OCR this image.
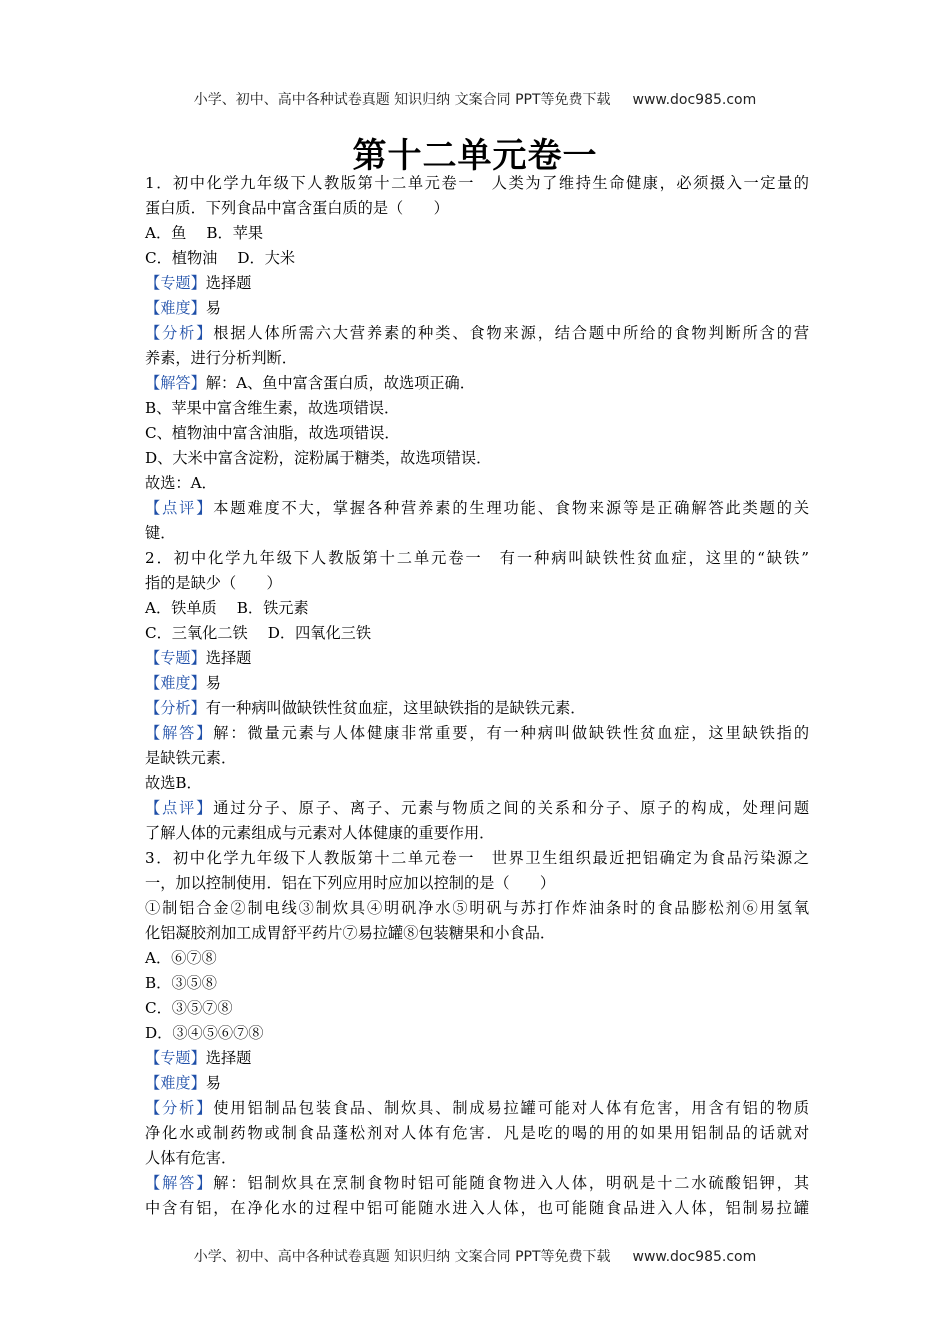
小学、初中、高中各种试卷真题 知识归纳 文案合同 PPT等免费下载 www.doc985.com
第十二单元卷一
1．初中化学九年级下人教版第十二单元卷一　人类为了维持生命健康，必须摄入一定量的
蛋白质．下列食品中富含蛋白质的是（　　）
A．鱼　 B．苹果
C．植物油　 D．大米
【专题】选择题
【难度】易
【分析】根据人体所需六大营养素的种类、食物来源，结合题中所给的食物判断所含的营
养素，进行分析判断．
【解答】解：A、鱼中富含蛋白质，故选项正确．
B、苹果中富含维生素，故选项错误．
C、植物油中富含油脂，故选项错误．
D、大米中富含淀粉，淀粉属于糖类，故选项错误．
故选：A．
【点评】本题难度不大，掌握各种营养素的生理功能、食物来源等是正确解答此类题的关
键．
2．初中化学九年级下人教版第十二单元卷一　有一种病叫缺铁性贫血症，这里的“缺铁”
指的是缺少（　　）
A．铁单质　 B．铁元素
C．三氧化二铁　 D．四氧化三铁
【专题】选择题
【难度】易
【分析】有一种病叫做缺铁性贫血症，这里缺铁指的是缺铁元素．
【解答】解：微量元素与人体健康非常重要，有一种病叫做缺铁性贫血症，这里缺铁指的
是缺铁元素．
故选B．
【点评】通过分子、原子、离子、元素与物质之间的关系和分子、原子的构成，处理问题
了解人体的元素组成与元素对人体健康的重要作用．
3．初中化学九年级下人教版第十二单元卷一　世界卫生组织最近把铝确定为食品污染源之
一，加以控制使用．铝在下列应用时应加以控制的是（　　）
①制铝合金②制电线③制炊具④明矾净水⑤明矾与苏打作炸油条时的食品膨松剂⑥用氢氧
化铝凝胶剂加工成胃舒平药片⑦易拉罐⑧包装糖果和小食品．
A．⑥⑦⑧
B．③⑤⑧
C．③⑤⑦⑧
D．③④⑤⑥⑦⑧
【专题】选择题
【难度】易
【分析】使用铝制品包装食品、制炊具、制成易拉罐可能对人体有危害，用含有铝的物质
净化水或制药物或制食品蓬松剂对人体有危害．凡是吃的喝的用的如果用铝制品的话就对
人体有危害．
【解答】解：铝制炊具在烹制食物时铝可能随食物进入人体，明矾是十二水硫酸铝钾，其
中含有铝，在净化水的过程中铝可能随水进入人体，也可能随食品进入人体，铝制易拉罐
小学、初中、高中各种试卷真题 知识归纳 文案合同 PPT等免费下载 www.doc985.com
